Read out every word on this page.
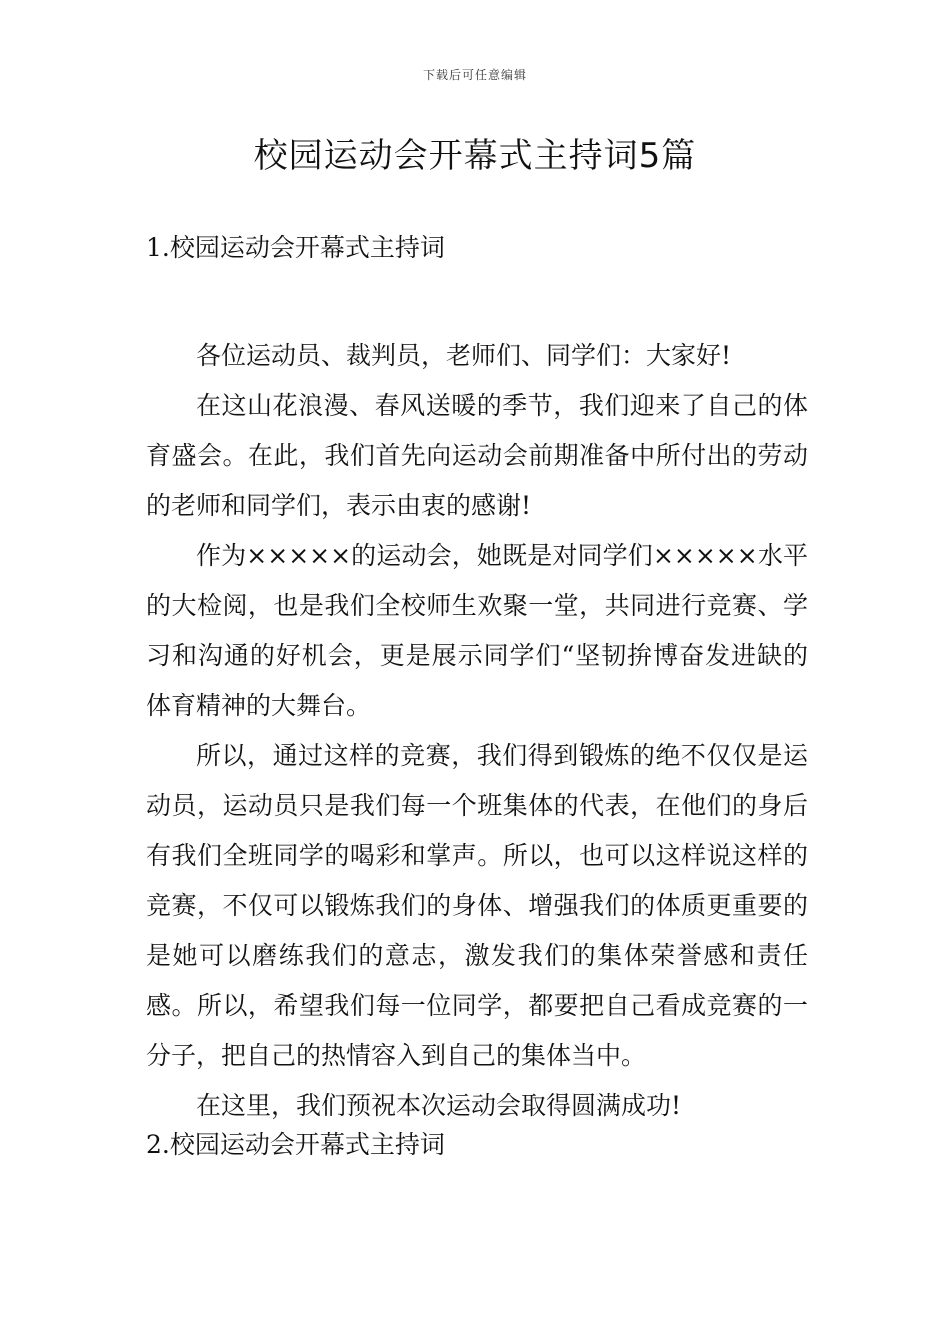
下载后可任意编辑
校园运动会开幕式主持词5篇
1.校园运动会开幕式主持词

各位运动员、裁判员，老师们、同学们：大家好!

在这山花浪漫、春风送暖的季节，我们迎来了自己的体育盛会。在此，我们首先向运动会前期准备中所付出的劳动的老师和同学们，表示由衷的感谢!

作为×××××的运动会，她既是对同学们×××××水平的大检阅，也是我们全校师生欢聚一堂，共同进行竞赛、学习和沟通的好机会，更是展示同学们“坚韧拚博奋发进缺的体育精神的大舞台。

所以，通过这样的竞赛，我们得到锻炼的绝不仅仅是运动员，运动员只是我们每一个班集体的代表，在他们的身后有我们全班同学的喝彩和掌声。所以，也可以这样说这样的竞赛，不仅可以锻炼我们的身体、增强我们的体质更重要的是她可以磨练我们的意志，激发我们的集体荣誉感和责任感。所以，希望我们每一位同学，都要把自己看成竞赛的一分子，把自己的热情容入到自己的集体当中。

在这里，我们预祝本次运动会取得圆满成功!

2.校园运动会开幕式主持词
